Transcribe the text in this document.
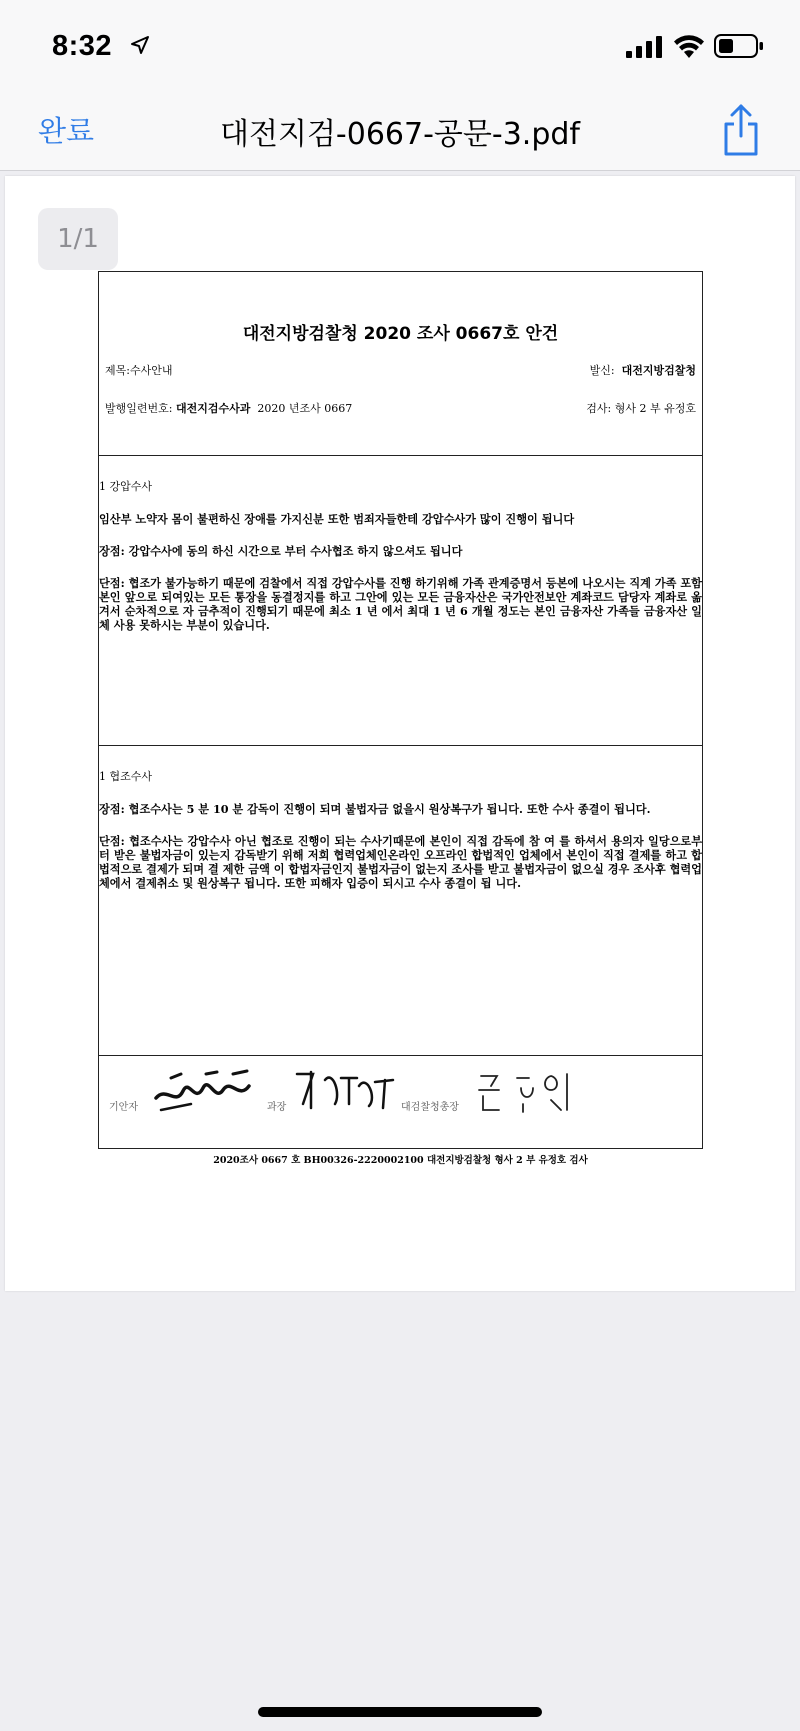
8:32
완료	대전지검-0667-공문-3.pdf
1/1
대전지방검찰청 2020 조사 0667호 안건
제목:수사안내	발신: 대전지방검찰청
발행일련번호: 대전지검수사과 2020 년조사 0667	검사: 형사 2 부 유정호
1 강압수사
임산부 노약자 몸이 불편하신 장애를 가지신분 또한 범죄자들한테 강압수사가 많이 진행이 됩니다
장점: 강압수사에 동의 하신 시간으로 부터 수사협조 하지 않으셔도 됩니다
단점: 협조가 불가능하기 때문에 검찰에서 직접 강압수사를 진행 하기위해 가족 관계증명서 등본에 나오시는 직계 가족 포함 본인 앞으로 되여있는 모든 통장을 동결정지를 하고 그안에 있는 모든 금융자산은 국가안전보안 계좌코드 담당자 계좌로 옮겨서 순차적으로 자 금추적이 진행되기 때문에 최소 1 년 에서 최대 1 년 6 개월 정도는 본인 금융자산 가족들 금융자산 일체 사용 못하시는 부분이 있습니다.
1 협조수사
장점: 협조수사는 5 분 10 분 감독이 진행이 되며 불법자금 없을시 원상복구가 됩니다. 또한 수사 종결이 됩니다.
단점: 협조수사는 강압수사 아닌 협조로 진행이 되는 수사기때문에 본인이 직접 감독에 참 여 를 하셔서 용의자 일당으로부터 받은 불법자금이 있는지 감독받기 위해 저희 협력업체인온라인 오프라인 합법적인 업체에서 본인이 직접 결제를 하고 합법적으로 결제가 되며 결 제한 금액 이 합법자금인지 불법자금이 없는지 조사를 받고 불법자금이 없으실 경우 조사후 협력업체에서 결제취소 및 원상복구 됩니다. 또한 피해자 입증이 되시고 수사 종결이 됩 니다.
기안자	과장	대검찰청총장
2020조사 0667 호 BH00326-2220002100 대전지방검찰청 형사 2 부 유정호 검사
